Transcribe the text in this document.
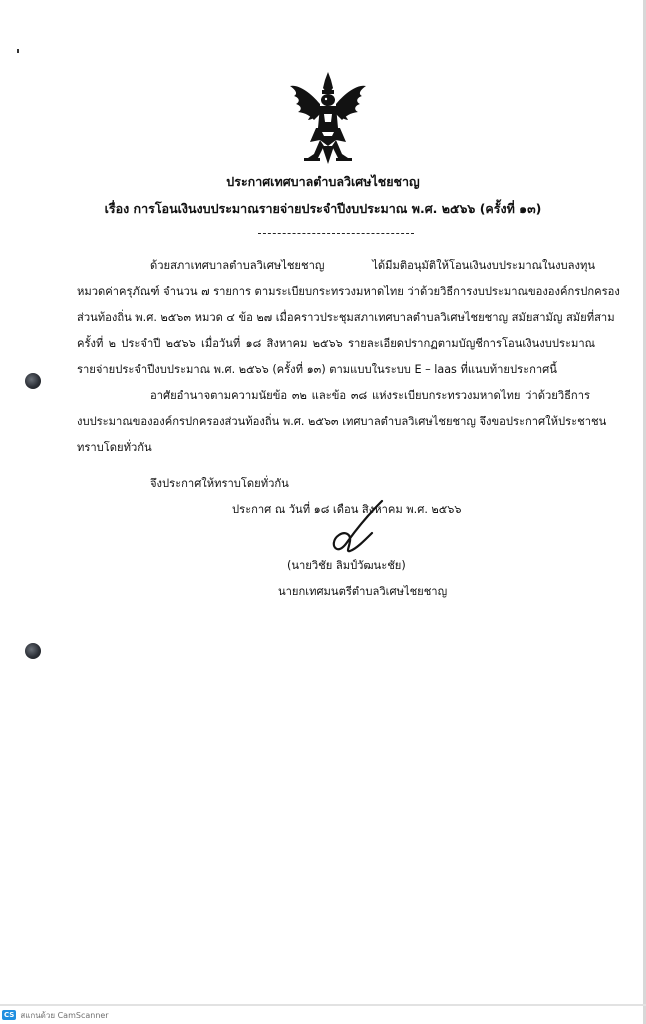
ประกาศเทศบาลตำบลวิเศษไชยชาญ
เรื่อง การโอนเงินงบประมาณรายจ่ายประจำปีงบประมาณ พ.ศ. ๒๕๖๖ (ครั้งที่ ๑๓)
ด้วยสภาเทศบาลตำบลวิเศษไชยชาญ ได้มีมติอนุมัติให้โอนเงินงบประมาณในงบลงทุน
หมวดค่าครุภัณฑ์ จำนวน ๗ รายการ ตามระเบียบกระทรวงมหาดไทย ว่าด้วยวิธีการงบประมาณขององค์กรปกครอง
ส่วนท้องถิ่น พ.ศ. ๒๕๖๓ หมวด ๔ ข้อ ๒๗ เมื่อคราวประชุมสภาเทศบาลตำบลวิเศษไชยชาญ สมัยสามัญ สมัยที่สาม
ครั้งที่ ๒ ประจำปี ๒๕๖๖ เมื่อวันที่ ๑๘ สิงหาคม ๒๕๖๖ รายละเอียดปรากฏตามบัญชีการโอนเงินงบประมาณ
รายจ่ายประจำปีงบประมาณ พ.ศ. ๒๕๖๖ (ครั้งที่ ๑๓) ตามแบบในระบบ E – laas ที่แนบท้ายประกาศนี้
อาศัยอำนาจตามความนัยข้อ ๓๒ และข้อ ๓๘ แห่งระเบียบกระทรวงมหาดไทย ว่าด้วยวิธีการ
งบประมาณขององค์กรปกครองส่วนท้องถิ่น พ.ศ. ๒๕๖๓ เทศบาลตำบลวิเศษไชยชาญ จึงขอประกาศให้ประชาชน
ทราบโดยทั่วกัน
จึงประกาศให้ทราบโดยทั่วกัน
ประกาศ ณ วันที่ ๑๘ เดือน สิงหาคม พ.ศ. ๒๕๖๖
(นายวิชัย ลิมป์วัฒนะชัย)
นายกเทศมนตรีตำบลวิเศษไชยชาญ
CS สแกนด้วย CamScanner
